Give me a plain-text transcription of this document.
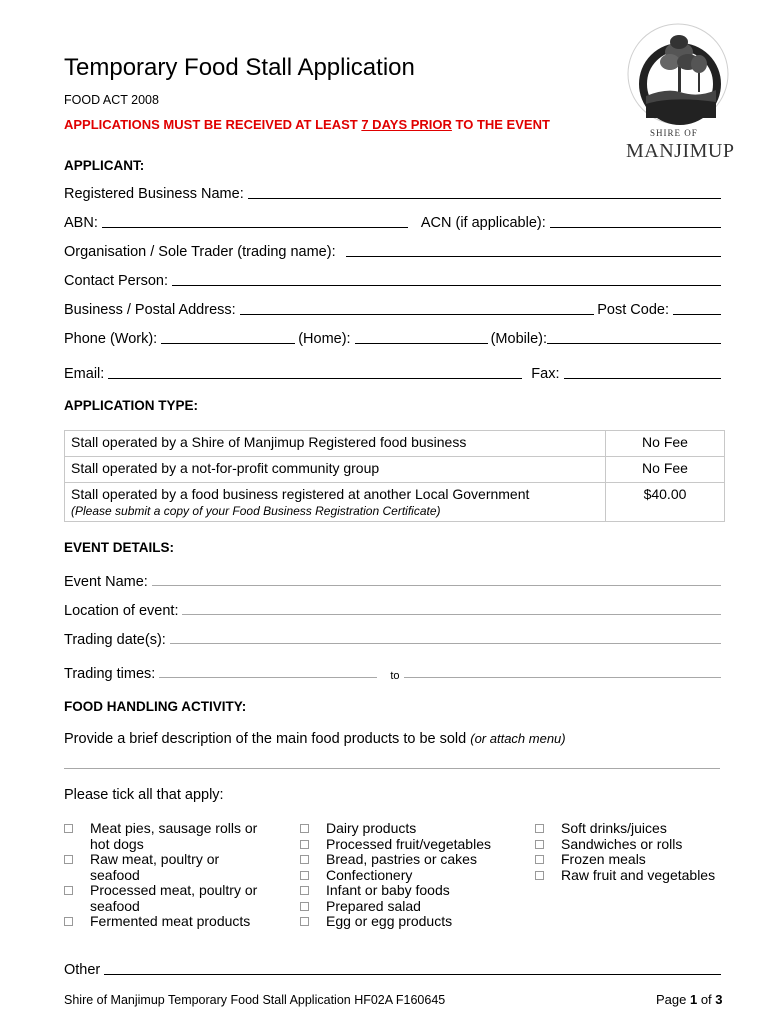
Temporary Food Stall Application
FOOD ACT 2008
APPLICATIONS MUST BE RECEIVED AT LEAST 7 DAYS PRIOR TO THE EVENT
SHIRE OF
MANJIMUP
APPLICANT:
Registered Business Name:
ABN:	ACN (if applicable):
Organisation / Sole Trader (trading name):
Contact Person:
Business / Postal Address:	Post Code:
Phone (Work):	(Home):	(Mobile):
Email:	Fax:
APPLICATION TYPE:
Stall operated by a Shire of Manjimup Registered food business	No Fee
Stall operated by a not-for-profit community group	No Fee

Stall operated by a food business registered at another Local Government
(Please submit a copy of your Food Business Registration Certificate)	$40.00
EVENT DETAILS:
Event Name:
Location of event:
Trading date(s):
Trading times:	to
FOOD HANDLING ACTIVITY:
Provide a brief description of the main food products to be sold (or attach menu)
Please tick all that apply:
Meat pies, sausage rolls or hot dogs
Raw meat, poultry or seafood
Processed meat, poultry or seafood
Fermented meat products
Dairy products
Processed fruit/vegetables
Bread, pastries or cakes
Confectionery
Infant or baby foods
Prepared salad
Egg or egg products
Soft drinks/juices
Sandwiches or rolls
Frozen meals
Raw fruit and vegetables
Other
Shire of Manjimup Temporary Food Stall Application HF02A F160645	Page 1 of 3
